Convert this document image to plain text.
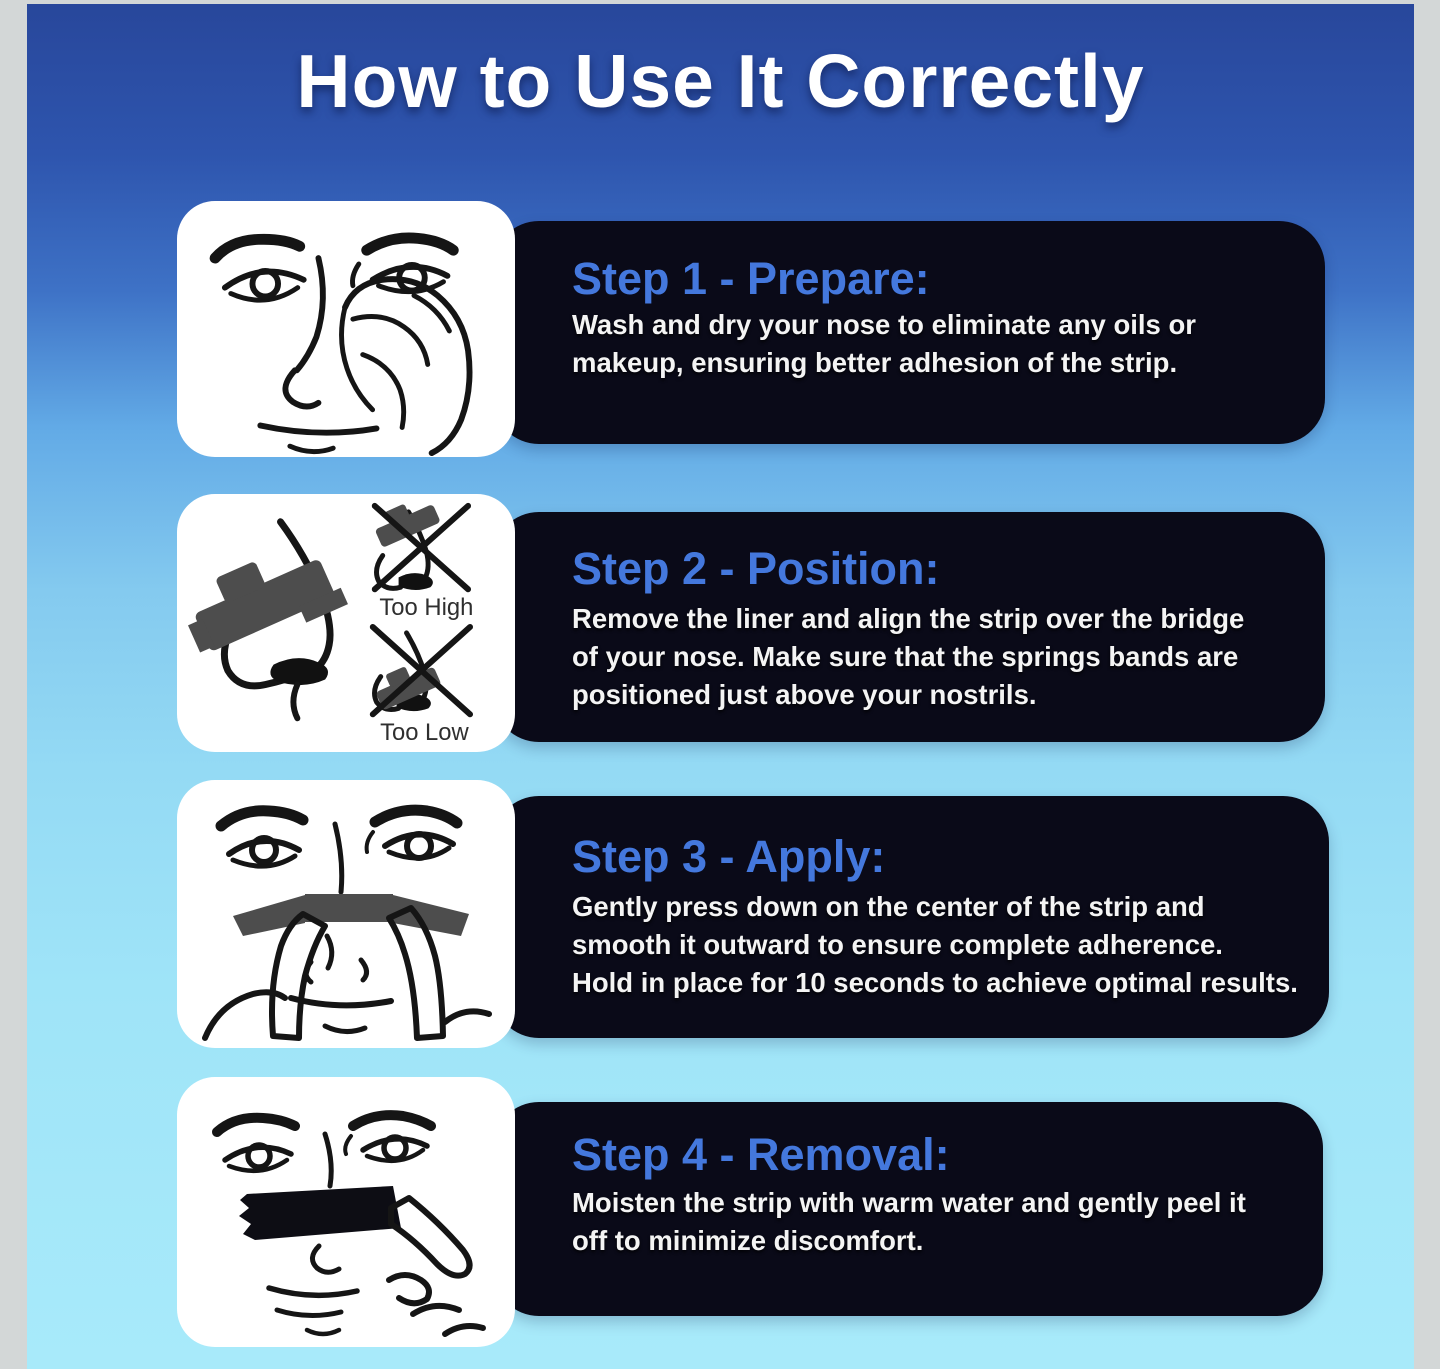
How to Use It Correctly
Step 1 - Prepare:
Wash and dry your nose to eliminate any oils or
makeup, ensuring better adhesion of the strip.
Step 2 - Position:
Remove the liner and align the strip over the bridge
of your nose. Make sure that the springs bands are
positioned just above your nostrils.
Too High
Too Low
Step 3 - Apply:
Gently press down on the center of the strip and
smooth it outward to ensure complete adherence.
Hold in place for 10 seconds to achieve optimal results.
Step 4 - Removal:
Moisten the strip with warm water and gently peel it
off to minimize discomfort.
